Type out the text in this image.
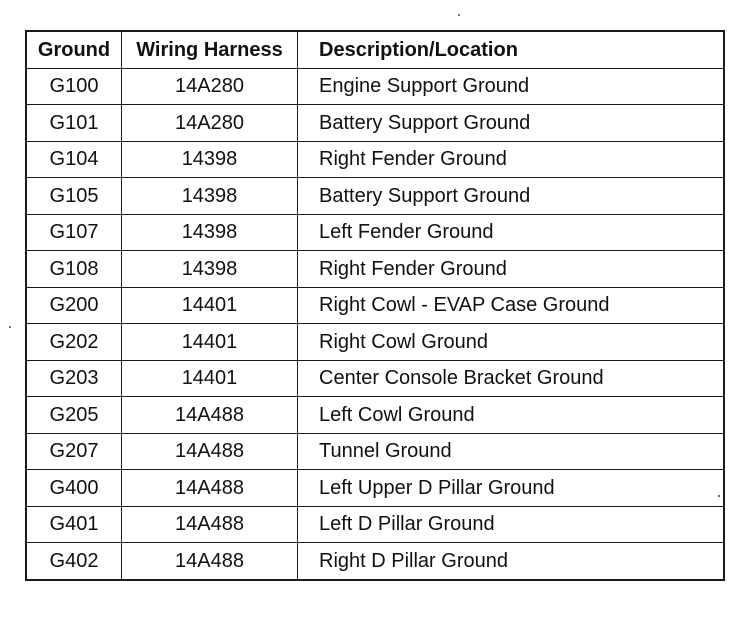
Ground	Wiring Harness	Description/Location
G100	14A280	Engine Support Ground
G101	14A280	Battery Support Ground
G104	14398	Right Fender Ground
G105	14398	Battery Support Ground
G107	14398	Left Fender Ground
G108	14398	Right Fender Ground
G200	14401	Right Cowl - EVAP Case Ground
G202	14401	Right Cowl Ground
G203	14401	Center Console Bracket Ground
G205	14A488	Left Cowl Ground
G207	14A488	Tunnel Ground
G400	14A488	Left Upper D Pillar Ground
G401	14A488	Left D Pillar Ground
G402	14A488	Right D Pillar Ground
